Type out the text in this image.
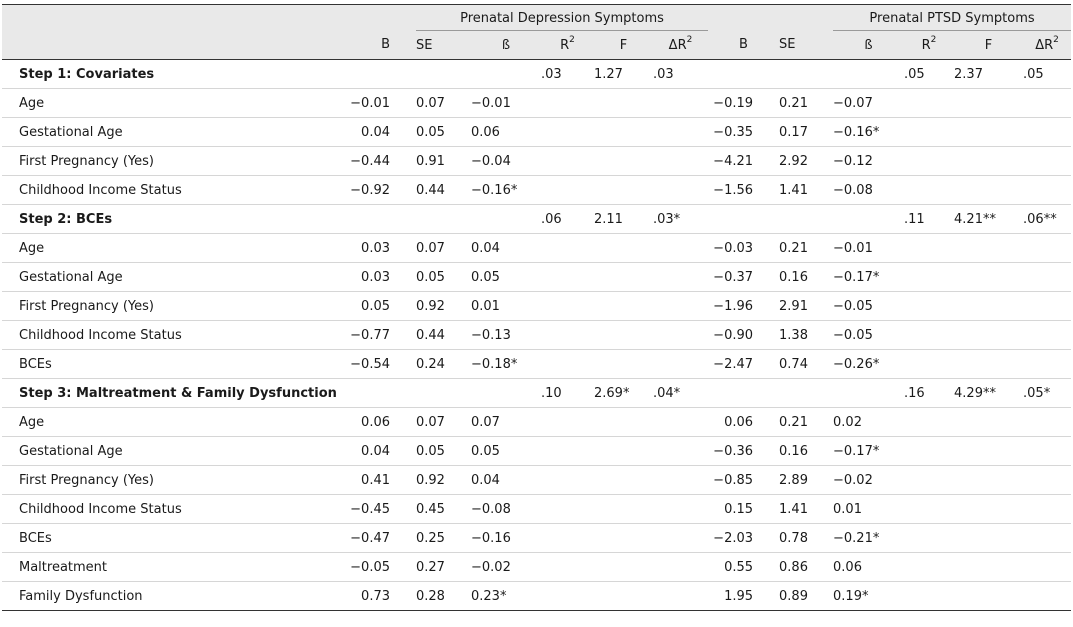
		Prenatal Depression Symptoms							Prenatal PTSD Symptoms			
	B	SE	ß	$R^2$	F	$\Delta R^2$	B	SE	ß	$R^2$	F	$\Delta R^2$
Step 1: Covariates				.03	1.27	.03				.05	2.37	.05
Age	−0.01	0.07	−0.01				−0.19	0.21	−0.07			
Gestational Age	0.04	0.05	0.06				−0.35	0.17	−0.16*			
First Pregnancy (Yes)	−0.44	0.91	−0.04				−4.21	2.92	−0.12			
Childhood Income Status	−0.92	0.44	−0.16*				−1.56	1.41	−0.08			
Step 2: BCEs				.06	2.11	.03*				.11	4.21**	.06**
Age	0.03	0.07	0.04				−0.03	0.21	−0.01			
Gestational Age	0.03	0.05	0.05				−0.37	0.16	−0.17*			
First Pregnancy (Yes)	0.05	0.92	0.01				−1.96	2.91	−0.05			
Childhood Income Status	−0.77	0.44	−0.13				−0.90	1.38	−0.05			
BCEs	−0.54	0.24	−0.18*				−2.47	0.74	−0.26*			
Step 3: Maltreatment & Family Dysfunction				.10	2.69*	.04*				.16	4.29**	.05*
Age	0.06	0.07	0.07				0.06	0.21	0.02			
Gestational Age	0.04	0.05	0.05				−0.36	0.16	−0.17*			
First Pregnancy (Yes)	0.41	0.92	0.04				−0.85	2.89	−0.02			
Childhood Income Status	−0.45	0.45	−0.08				0.15	1.41	0.01			
BCEs	−0.47	0.25	−0.16				−2.03	0.78	−0.21*			
Maltreatment	−0.05	0.27	−0.02				0.55	0.86	0.06			
Family Dysfunction	0.73	0.28	0.23*				1.95	0.89	0.19*			
